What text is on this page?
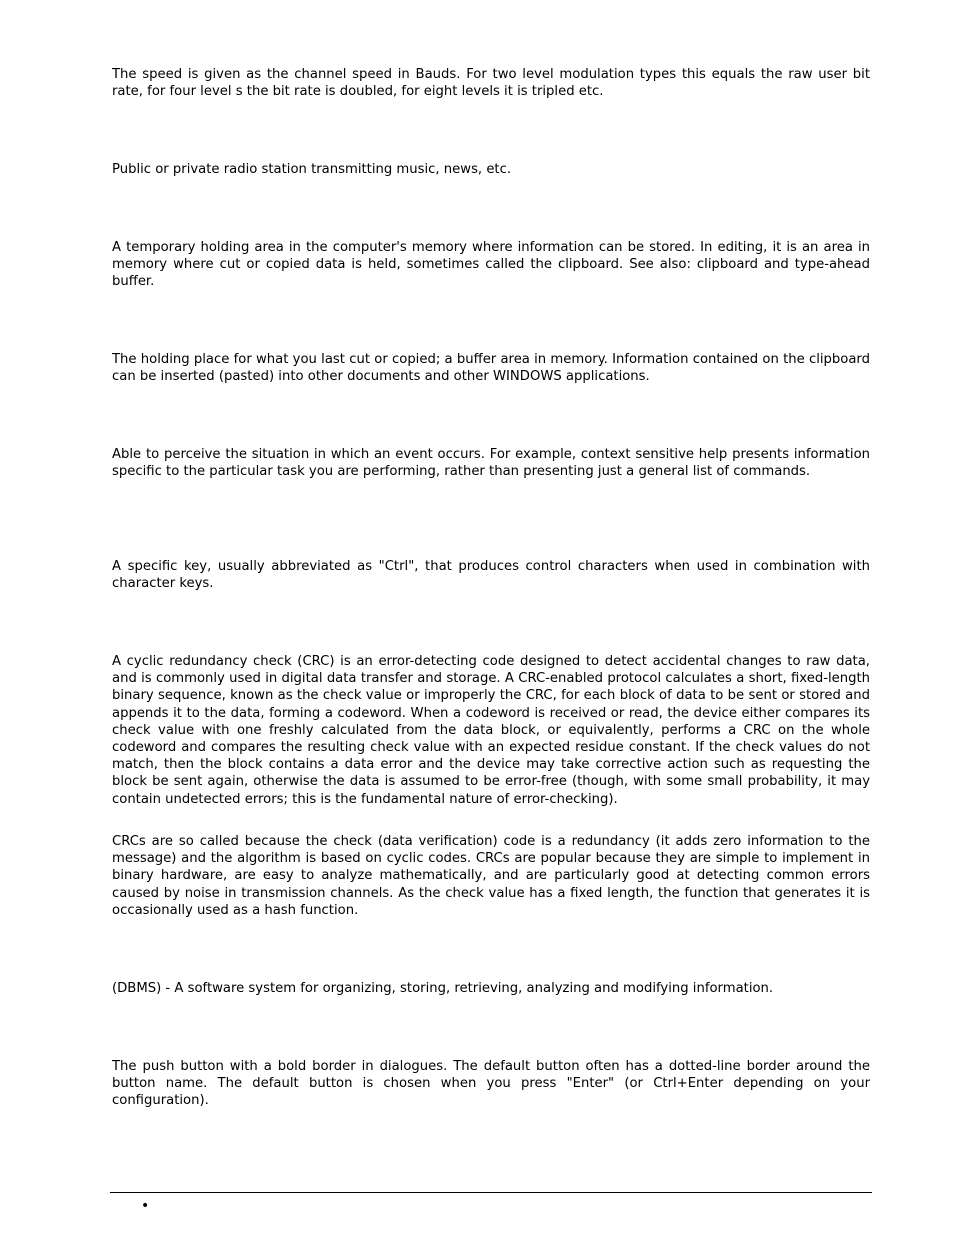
The speed is given as the channel speed in Bauds. For two level modulation types this equals the raw user bit rate, for four level s the bit rate is doubled, for eight levels it is tripled etc.

Public or private radio station transmitting music, news, etc.

A temporary holding area in the computer's memory where information can be stored. In editing, it is an area in memory where cut or copied data is held, sometimes called the clipboard. See also: clipboard and type-ahead buffer.

The holding place for what you last cut or copied; a buffer area in memory. Information contained on the clipboard can be inserted (pasted) into other documents and other WINDOWS applications.

Able to perceive the situation in which an event occurs. For example, context sensitive help presents information specific to the particular task you are performing, rather than presenting just a general list of commands.

A specific key, usually abbreviated as "Ctrl", that produces control characters when used in combination with character keys.

A cyclic redundancy check (CRC) is an error-detecting code designed to detect accidental changes to raw data, and is commonly used in digital data transfer and storage. A CRC-enabled protocol calculates a short, fixed-length binary sequence, known as the check value or improperly the CRC, for each block of data to be sent or stored and appends it to the data, forming a codeword. When a codeword is received or read, the device either compares its check value with one freshly calculated from the data block, or equivalently, performs a CRC on the whole codeword and compares the resulting check value with an expected residue constant. If the check values do not match, then the block contains a data error and the device may take corrective action such as requesting the block be sent again, otherwise the data is assumed to be error-free (though, with some small probability, it may contain undetected errors; this is the fundamental nature of error-checking).

CRCs are so called because the check (data verification) code is a redundancy (it adds zero information to the message) and the algorithm is based on cyclic codes. CRCs are popular because they are simple to implement in binary hardware, are easy to analyze mathematically, and are particularly good at detecting common errors caused by noise in transmission channels. As the check value has a fixed length, the function that generates it is occasionally used as a hash function.

(DBMS) - A software system for organizing, storing, retrieving, analyzing and modifying information.

The push button with a bold border in dialogues. The default button often has a dotted-line border around the button name. The default button is chosen when you press "Enter" (or Ctrl+Enter depending on your configuration).

•
